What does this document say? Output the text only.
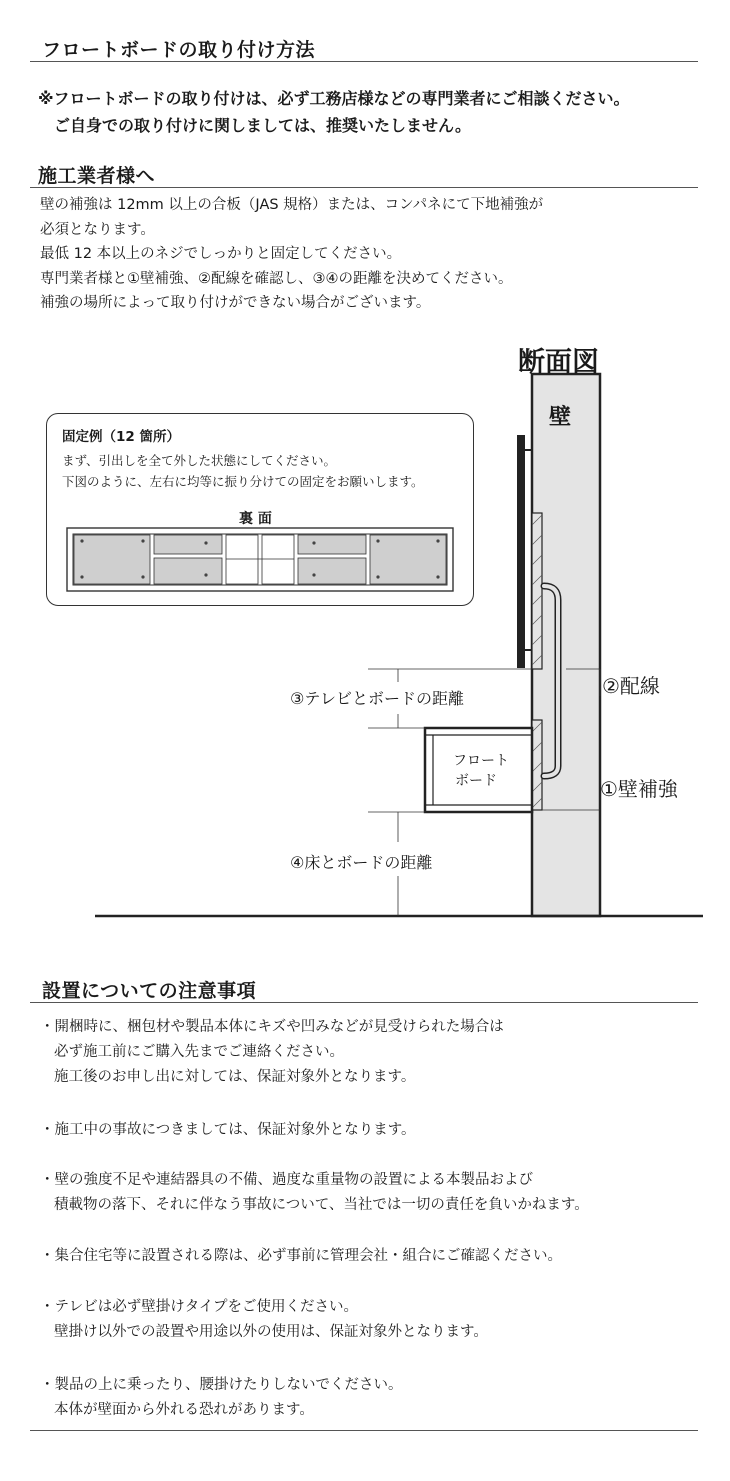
フロートボードの取り付け方法
※フロートボードの取り付けは、必ず工務店様などの専門業者にご相談ください。
ご自身での取り付けに関しましては、推奨いたしません。
施工業者様へ
壁の補強は 12mm 以上の合板（JAS 規格）または、コンパネにて下地補強が
必須となります。
最低 12 本以上のネジでしっかりと固定してください。
専門業者様と①壁補強、②配線を確認し、③④の距離を決めてください。
補強の場所によって取り付けができない場合がございます。
断面図
壁
フロート
ボード
②配線
①壁補強
③テレビとボードの距離
④床とボードの距離
固定例（12 箇所）
まず、引出しを全て外した状態にしてください。
下図のように、左右に均等に振り分けての固定をお願いします。
裏 面
設置についての注意事項

・開梱時に、梱包材や製品本体にキズや凹みなどが見受けられた場合は

必ず施工前にご購入先までご連絡ください。

施工後のお申し出に対しては、保証対象外となります。

・施工中の事故につきましては、保証対象外となります。

・壁の強度不足や連結器具の不備、過度な重量物の設置による本製品および

積載物の落下、それに伴なう事故について、当社では一切の責任を負いかねます。

・集合住宅等に設置される際は、必ず事前に管理会社・組合にご確認ください。

・テレビは必ず壁掛けタイプをご使用ください。

壁掛け以外での設置や用途以外の使用は、保証対象外となります。

・製品の上に乗ったり、腰掛けたりしないでください。

本体が壁面から外れる恐れがあります。
